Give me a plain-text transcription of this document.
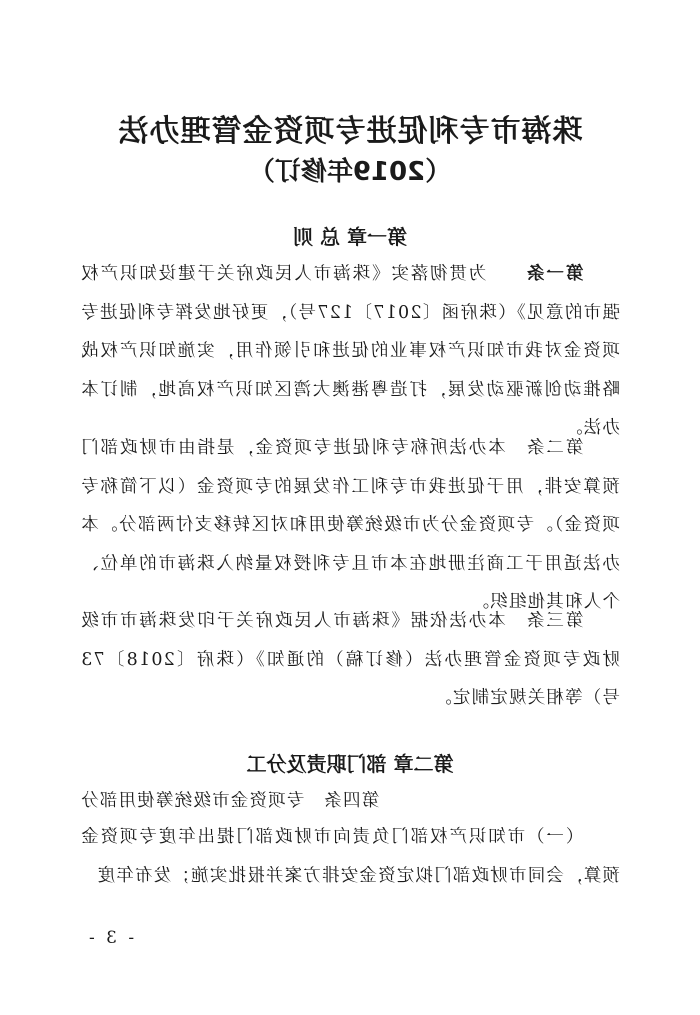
珠海市专利促进专项资金管理办法
（2019年修订）
第一章 总 则
第一条　　为贯彻落实《珠海市人民政府关于建设知识产权强市的意见》（珠府函〔2017〕127号），更好地发挥专利促进专项资金对我市知识产权事业的促进和引领作用，实施知识产权战略推动创新驱动发展，打造粤港澳大湾区知识产权高地，制订本办法。
第二条　本办法所称专利促进专项资金，是指由市财政部门预算安排，用于促进我市专利工作发展的专项资金（以下简称专项资金）。专项资金分为市级统筹使用和对区转移支付两部分。本办法适用于工商注册地在本市且专利授权量纳入珠海市的单位、个人和其他组织。
第三条　本办法依据《珠海市人民政府关于印发珠海市市级财政专项资金管理办法（修订稿）的通知》（珠府〔2018〕73号）等相关规定制定。
第二章 部门职责及分工
第四条　专项资金市级统筹使用部分
（一）市知识产权部门负责向市财政部门提出年度专项资金预算，会同市财政部门拟定资金安排方案并报批实施；发布年度
- 3 -
